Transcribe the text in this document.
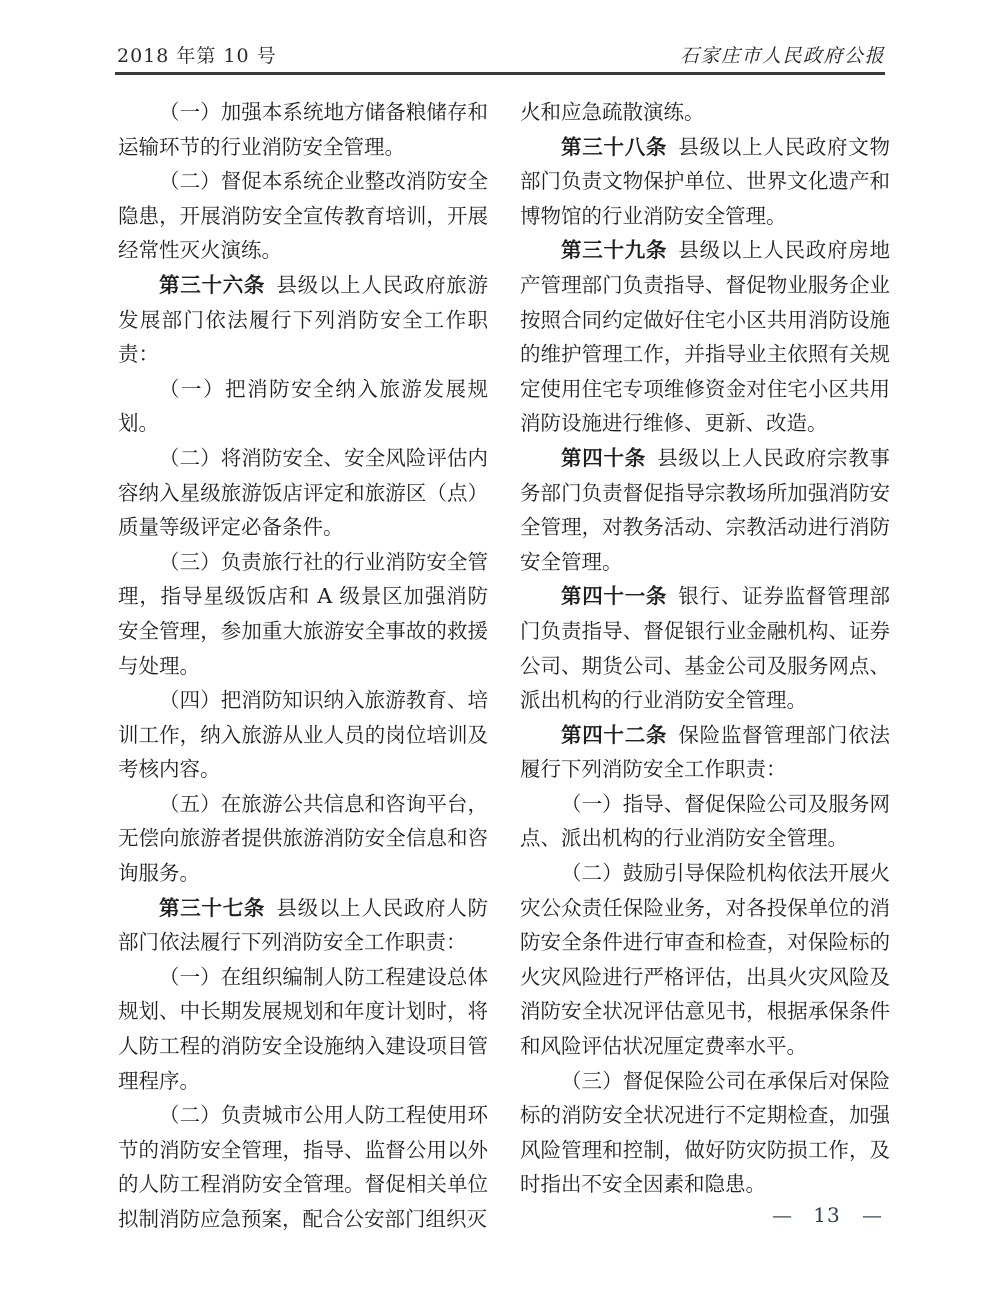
2018 年第 10 号	石家庄市人民政府公报

（一）加强本系统地方储备粮储存和运输环节的行业消防安全管理。

（二）督促本系统企业整改消防安全隐患，开展消防安全宣传教育培训，开展经常性灭火演练。

第三十六条 县级以上人民政府旅游发展部门依法履行下列消防安全工作职责：

（一）把消防安全纳入旅游发展规划。

（二）将消防安全、安全风险评估内容纳入星级旅游饭店评定和旅游区（点）质量等级评定必备条件。

（三）负责旅行社的行业消防安全管理，指导星级饭店和 A 级景区加强消防安全管理，参加重大旅游安全事故的救援与处理。

（四）把消防知识纳入旅游教育、培训工作，纳入旅游从业人员的岗位培训及考核内容。

（五）在旅游公共信息和咨询平台，无偿向旅游者提供旅游消防安全信息和咨询服务。

第三十七条 县级以上人民政府人防部门依法履行下列消防安全工作职责：

（一）在组织编制人防工程建设总体规划、中长期发展规划和年度计划时，将人防工程的消防安全设施纳入建设项目管理程序。

（二）负责城市公用人防工程使用环节的消防安全管理，指导、监督公用以外的人防工程消防安全管理。督促相关单位拟制消防应急预案，配合公安部门组织灭

火和应急疏散演练。

第三十八条 县级以上人民政府文物部门负责文物保护单位、世界文化遗产和博物馆的行业消防安全管理。

第三十九条 县级以上人民政府房地产管理部门负责指导、督促物业服务企业按照合同约定做好住宅小区共用消防设施的维护管理工作，并指导业主依照有关规定使用住宅专项维修资金对住宅小区共用消防设施进行维修、更新、改造。

第四十条 县级以上人民政府宗教事务部门负责督促指导宗教场所加强消防安全管理，对教务活动、宗教活动进行消防安全管理。

第四十一条 银行、证券监督管理部门负责指导、督促银行业金融机构、证券公司、期货公司、基金公司及服务网点、派出机构的行业消防安全管理。

第四十二条 保险监督管理部门依法履行下列消防安全工作职责：

（一）指导、督促保险公司及服务网点、派出机构的行业消防安全管理。

（二）鼓励引导保险机构依法开展火灾公众责任保险业务，对各投保单位的消防安全条件进行审查和检查，对保险标的火灾风险进行严格评估，出具火灾风险及消防安全状况评估意见书，根据承保条件和风险评估状况厘定费率水平。

（三）督促保险公司在承保后对保险标的消防安全状况进行不定期检查，加强风险管理和控制，做好防灾防损工作，及时指出不安全因素和隐患。

— 13 —
